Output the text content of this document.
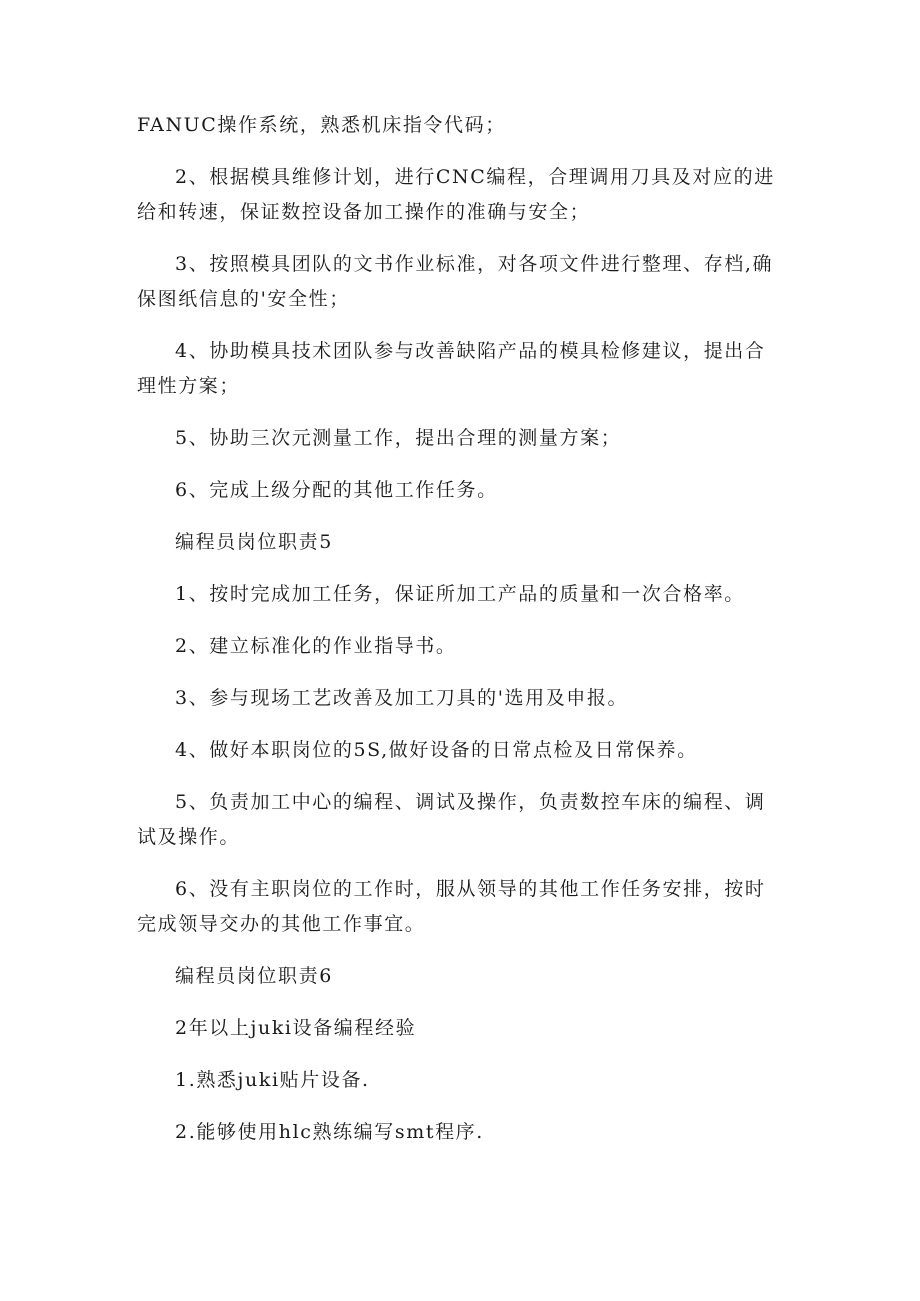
FANUC操作系统，熟悉机床指令代码；

2、根据模具维修计划，进行CNC编程，合理调用刀具及对应的进给和转速，保证数控设备加工操作的准确与安全；

3、按照模具团队的文书作业标准，对各项文件进行整理、存档,确保图纸信息的'安全性；

4、协助模具技术团队参与改善缺陷产品的模具检修建议，提出合理性方案；

5、协助三次元测量工作，提出合理的测量方案；

6、完成上级分配的其他工作任务。

编程员岗位职责5

1、按时完成加工任务，保证所加工产品的质量和一次合格率。

2、建立标准化的作业指导书。

3、参与现场工艺改善及加工刀具的'选用及申报。

4、做好本职岗位的5S,做好设备的日常点检及日常保养。

5、负责加工中心的编程、调试及操作，负责数控车床的编程、调试及操作。

6、没有主职岗位的工作时，服从领导的其他工作任务安排，按时完成领导交办的其他工作事宜。

编程员岗位职责6

2年以上juki设备编程经验

1.熟悉juki贴片设备.

2.能够使用hlc熟练编写smt程序.
